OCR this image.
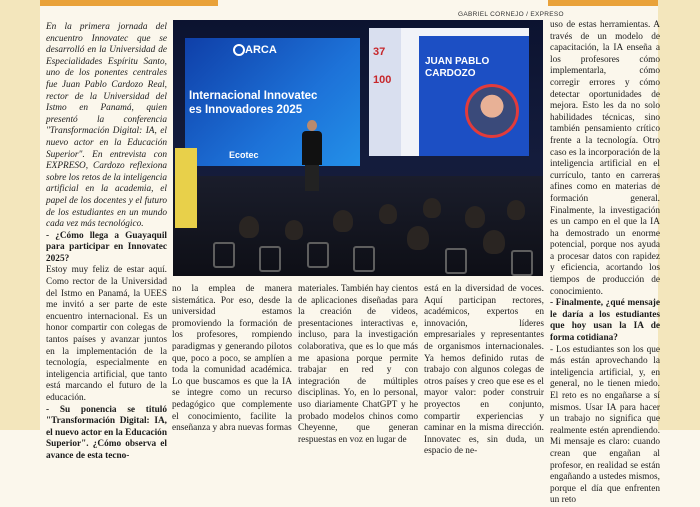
GABRIEL CORNEJO / EXPRESO

En la primera jornada del encuentro Innovatec que se desarrolló en la Universidad de Especialidades Espíritu Santo, uno de los ponentes centrales fue Juan Pablo Cardozo Real, rector de la Universidad del Istmo en Panamá, quien presentó la conferencia "Transformación Digital: IA, el nuevo actor en la Educación Superior". En entrevista con EXPRESO, Cardozo reflexiona sobre los retos de la inteligencia artificial en la academia, el papel de los docentes y el futuro de los estudiantes en un mundo cada vez más tecnológico.

- ¿Cómo llega a Guayaquil para participar en Innovatec 2025?

Estoy muy feliz de estar aquí. Como rector de la Universidad del Istmo en Panamá, la UEES me invitó a ser parte de este encuentro internacional. Es un honor compartir con colegas de tantos países y avanzar juntos en la implementación de la tecnología, especialmente en inteligencia artificial, que tanto está marcando el futuro de la educación.

- Su ponencia se tituló "Transformación Digital: IA, el nuevo actor en la Educación Superior". ¿Cómo observa el avance de esta tecno-

ARCA
Internacional Innovatec
es Innovadores 2025
Ecotec
37
100
JUAN PABLO
CARDOZO

no la emplea de manera sistemática. Por eso, desde la universidad estamos promoviendo la formación de los profesores, rompiendo paradigmas y generando pilotos que, poco a poco, se amplíen a toda la comunidad académica. Lo que buscamos es que la IA se integre como un recurso pedagógico que complemente el conocimiento, facilite la enseñanza y abra nuevas formas

materiales. También hay cientos de aplicaciones diseñadas para la creación de videos, presentaciones interactivas e, incluso, para la investigación colaborativa, que es lo que más me apasiona porque permite trabajar en red y con integración de múltiples disciplinas. Yo, en lo personal, uso diariamente ChatGPT y he probado modelos chinos como Cheyenne, que generan respuestas en voz en lugar de

está en la diversidad de voces. Aquí participan rectores, académicos, expertos en innovación, líderes empresariales y representantes de organismos internacionales. Ya hemos definido rutas de trabajo con algunos colegas de otros países y creo que ese es el mayor valor: poder construir proyectos en conjunto, compartir experiencias y caminar en la misma dirección. Innovatec es, sin duda, un espacio de ne-

uso de estas herramientas. A través de un modelo de capacitación, la IA enseña a los profesores cómo implementarla, cómo corregir errores y cómo detectar oportunidades de mejora. Esto les da no solo habilidades técnicas, sino también pensamiento crítico frente a la tecnología. Otro caso es la incorporación de la inteligencia artificial en el currículo, tanto en carreras afines como en materias de formación general. Finalmente, la investigación es un campo en el que la IA ha demostrado un enorme potencial, porque nos ayuda a procesar datos con rapidez y eficiencia, acortando los tiempos de producción de conocimiento.

- Finalmente, ¿qué mensaje le daría a los estudiantes que hoy usan la IA de forma cotidiana?

- Los estudiantes son los que más están aprovechando la inteligencia artificial, y, en general, no le tienen miedo. El reto es no engañarse a sí mismos. Usar IA para hacer un trabajo no significa que realmente estén aprendiendo. Mi mensaje es claro: cuando crean que engañan al profesor, en realidad se están engañando a ustedes mismos, porque el día que enfrenten un reto
